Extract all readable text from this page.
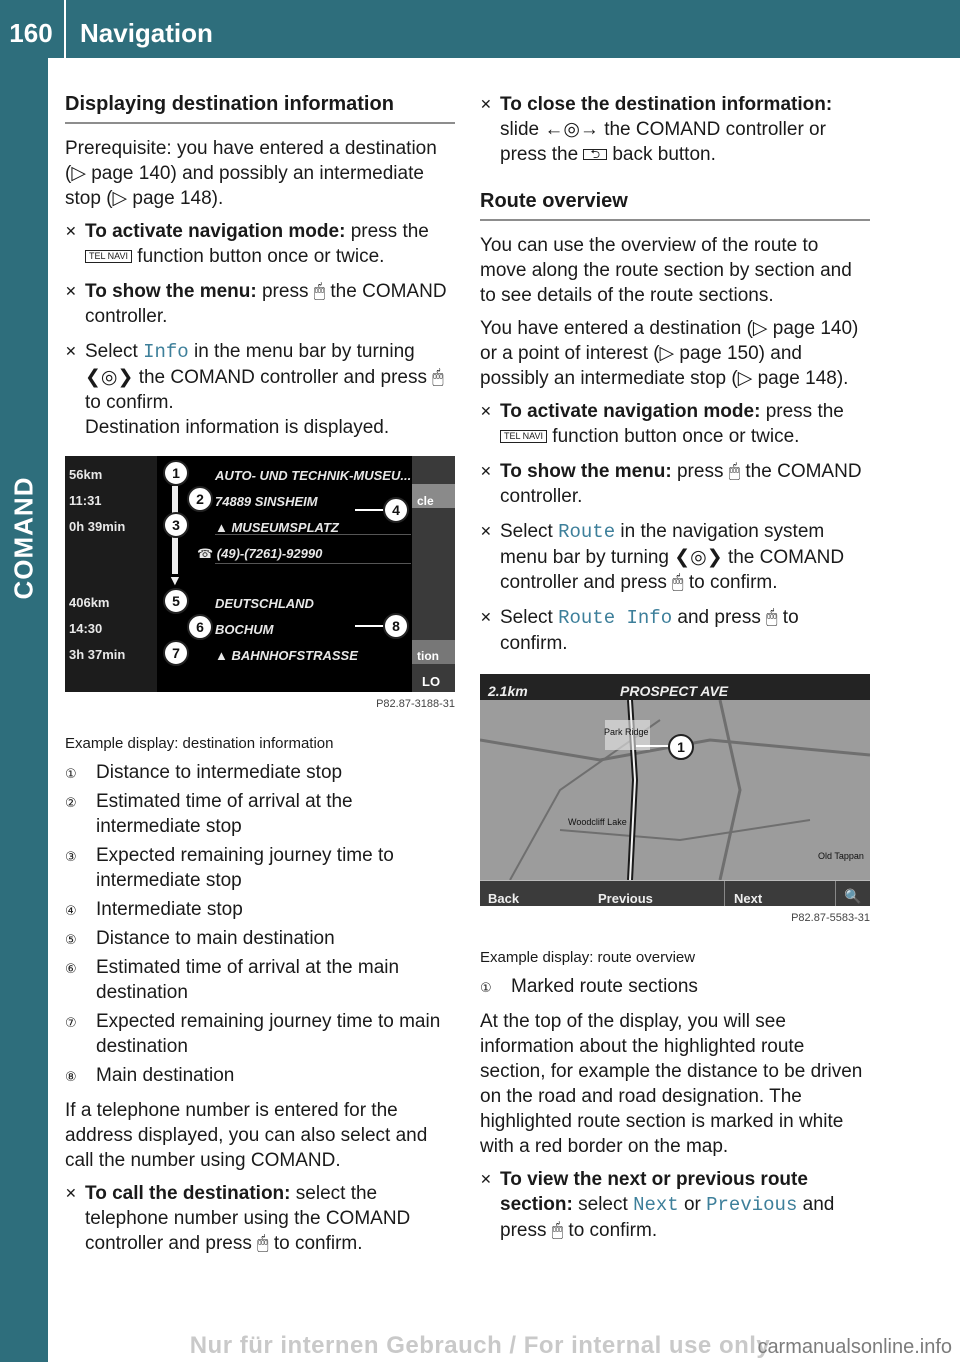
160	Navigation
COMAND
Displaying destination information

Prerequisite: you have entered a destination (▷ page 140) and possibly an intermediate stop (▷ page 148).

✕ To activate navigation mode: press the TEL NAVI function button once or twice.
✕ To show the menu: press 🖱 the COMAND controller.
✕ Select Info in the menu bar by turning ❮◎❯ the COMAND controller and press 🖱 to confirm.
Destination information is displayed.
cle
tion
LO
▼
56km	AUTO- UND TECHNIK-MUSEU...
1
11:31	74889 SINSHEIM
2
0h 39min	▲ MUSEUMSPLATZ
3
☎ (49)-(7261)-92990
406km	DEUTSCHLAND
5
14:30	BOCHUM
6
3h 37min	▲ BAHNHOFSTRASSE
7
4
8
P82.87-3188-31
Example display: destination information
① Distance to intermediate stop
② Estimated time of arrival at the intermediate stop
③ Expected remaining journey time to intermediate stop
④ Intermediate stop
⑤ Distance to main destination
⑥ Estimated time of arrival at the main destination
⑦ Expected remaining journey time to main destination
⑧ Main destination

If a telephone number is entered for the address displayed, you can also select and call the number using COMAND.

✕ To call the destination: select the telephone number using the COMAND controller and press 🖱 to confirm.
✕ To close the destination information: slide ←◎→ the COMAND controller or press the ⮌ back button.
Route overview

You can use the overview of the route to move along the route section by section and to see details of the route sections.

You have entered a destination (▷ page 140) or a point of interest (▷ page 150) and possibly an intermediate stop (▷ page 148).

✕ To activate navigation mode: press the TEL NAVI function button once or twice.
✕ To show the menu: press 🖱 the COMAND controller.
✕ Select Route in the navigation system menu bar by turning ❮◎❯ the COMAND controller and press 🖱 to confirm.
✕ Select Route Info and press 🖱 to confirm.
2.1km	PROSPECT AVE
Park Ridge
Woodcliff Lake
Old Tappan
1
Back	Previous	Next	🔍
P82.87-5583-31
Example display: route overview
① Marked route sections

At the top of the display, you will see information about the highlighted route section, for example the distance to be driven on the road and road designation. The highlighted route section is marked in white with a red border on the map.

✕ To view the next or previous route section: select Next or Previous and press 🖱 to confirm.
Nur für internen Gebrauch / For internal use only
carmanualsonline.info
